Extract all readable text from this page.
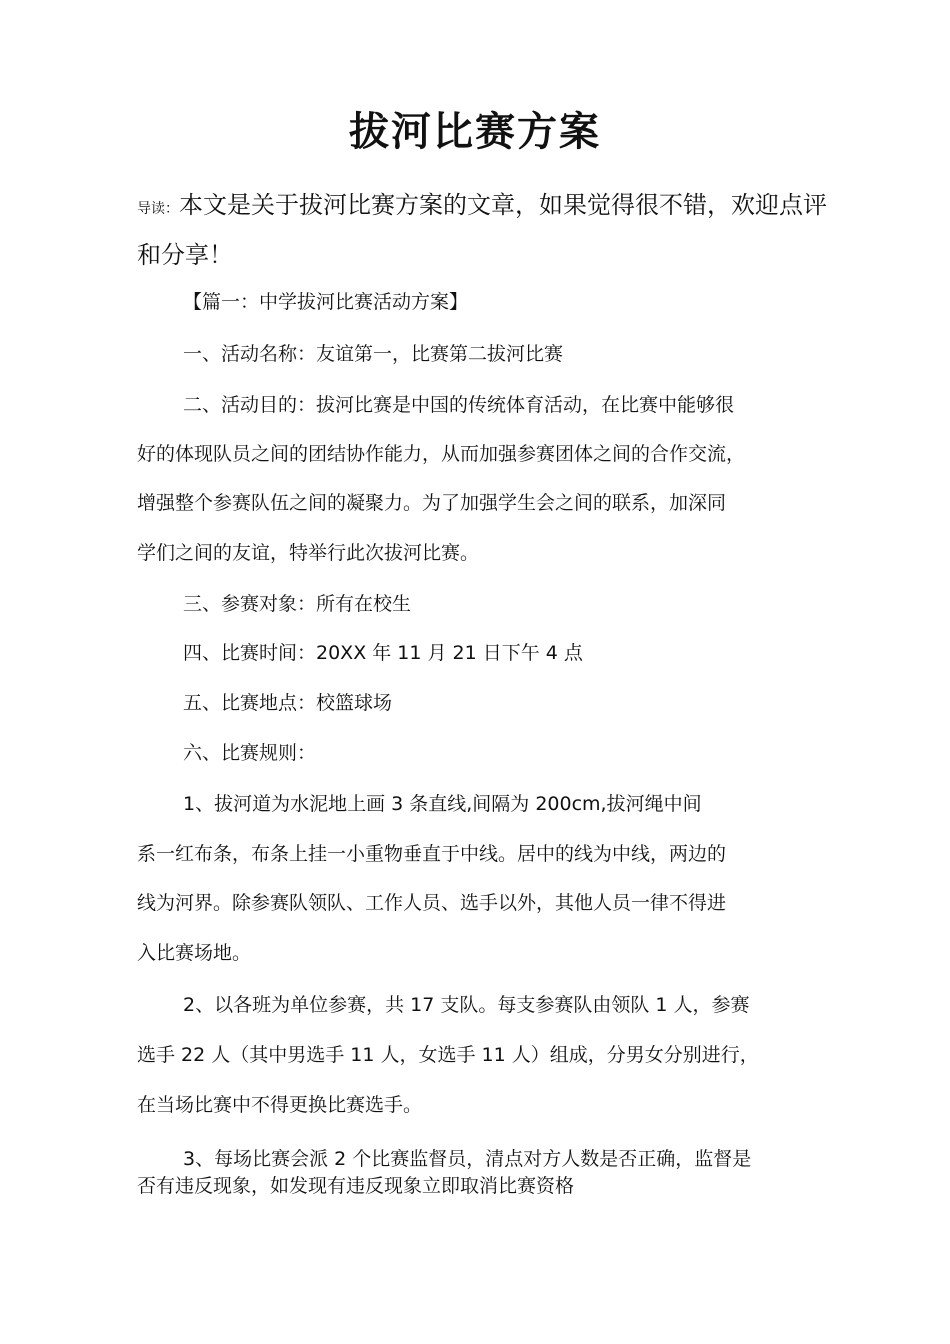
拔河比赛方案
导读：本文是关于拔河比赛方案的文章，如果觉得很不错，欢迎点评和分享！

【篇一：中学拔河比赛活动方案】

一、活动名称：友谊第一，比赛第二拔河比赛

二、活动目的：拔河比赛是中国的传统体育活动，在比赛中能够很

好的体现队员之间的团结协作能力，从而加强参赛团体之间的合作交流，

增强整个参赛队伍之间的凝聚力。为了加强学生会之间的联系，加深同

学们之间的友谊，特举行此次拔河比赛。

三、参赛对象：所有在校生

四、比赛时间：20XX 年 11 月 21 日下午 4 点

五、比赛地点：校篮球场

六、比赛规则：

1、拔河道为水泥地上画 3 条直线,间隔为 200cm,拔河绳中间

系一红布条，布条上挂一小重物垂直于中线。居中的线为中线，两边的

线为河界。除参赛队领队、工作人员、选手以外，其他人员一律不得进

入比赛场地。

2、以各班为单位参赛，共 17 支队。每支参赛队由领队 1 人，参赛

选手 22 人（其中男选手 11 人，女选手 11 人）组成，分男女分别进行，

在当场比赛中不得更换比赛选手。

3、每场比赛会派 2 个比赛监督员，清点对方人数是否正确，监督是

否有违反现象，如发现有违反现象立即取消比赛资格
